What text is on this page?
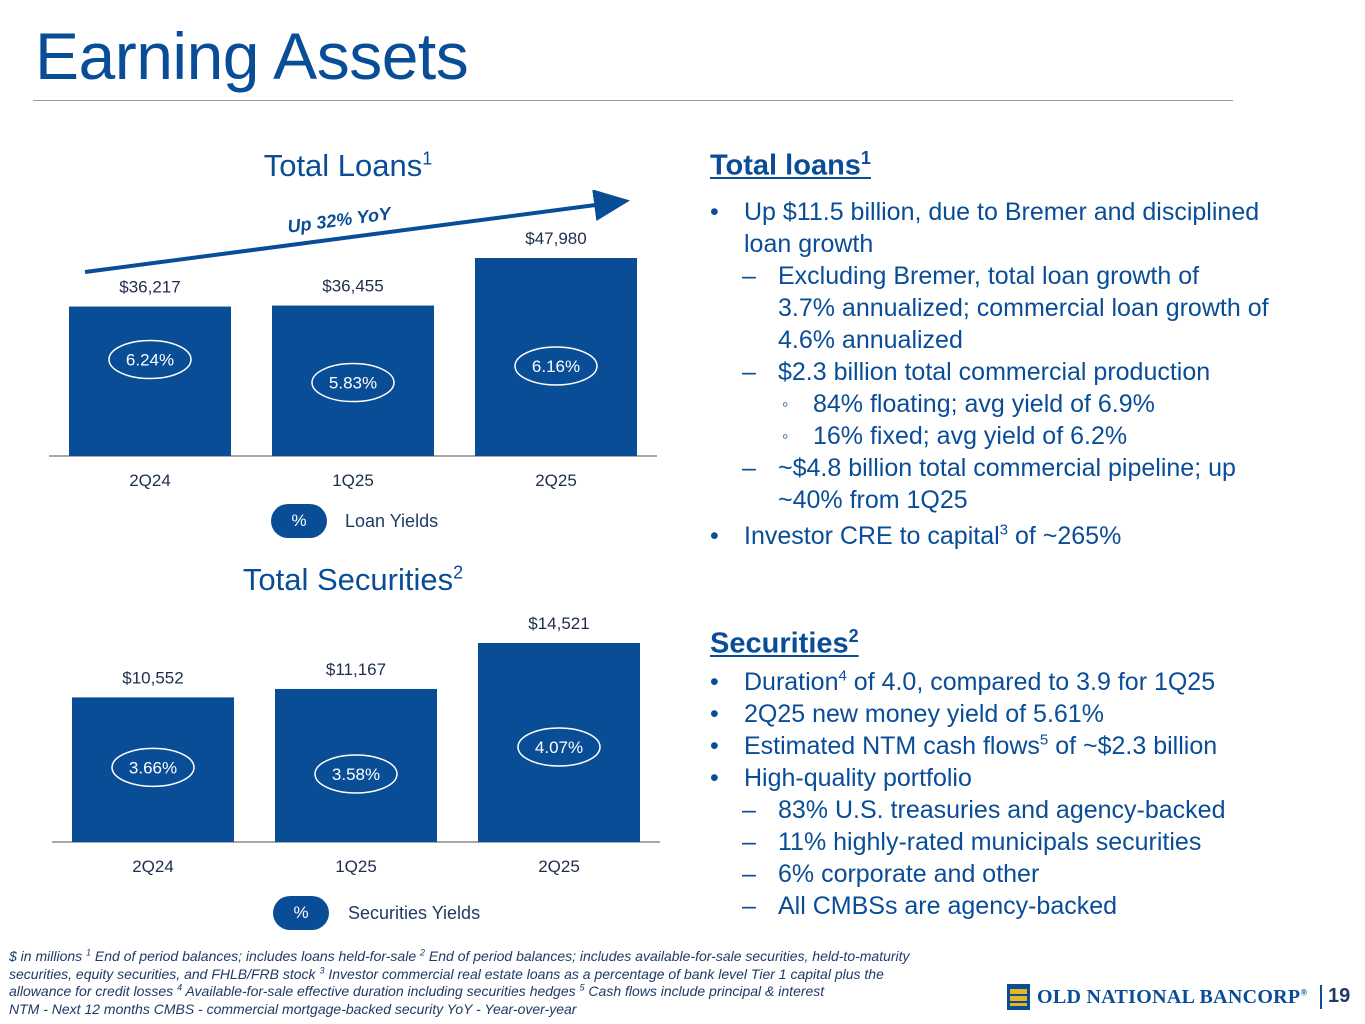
Earning Assets
Total Loans$^1$
Up 32% YoY
$36,217
2Q24
6.24%
$36,455
1Q25
5.83%
$47,980
2Q25
6.16%
%	Loan Yields
Total Securities$^2$
$10,552
2Q24
3.66%
$11,167
1Q25
3.58%
$14,521
2Q25
4.07%
%	Securities Yields
Total loans$^1$
•	Up $11.5 billion, due to Bremer and disciplined
loan growth
– Excluding Bremer, total loan growth of
3.7% annualized; commercial loan growth of
4.6% annualized
– $2.3 billion total commercial production
◦ 84% floating; avg yield of 6.9%
◦ 16% fixed; avg yield of 6.2%
– ~$4.8 billion total commercial pipeline; up
~40% from 1Q25
•	Investor CRE to capital$^3$ of ~265%
Securities$^2$
•	Duration$^4$ of 4.0, compared to 3.9 for 1Q25
•	2Q25 new money yield of 5.61%
•	Estimated NTM cash flows$^5$ of ~$2.3 billion
•	High-quality portfolio
– 83% U.S. treasuries and agency-backed
– 11% highly-rated municipals securities
– 6% corporate and other
– All CMBSs are agency-backed
$ in millions $^1$ End of period balances; includes loans held-for-sale $^2$ End of period balances; includes available-for-sale securities, held-to-maturity
securities, equity securities, and FHLB/FRB stock $^3$ Investor commercial real estate loans as a percentage of bank level Tier 1 capital plus the
allowance for credit losses $^4$ Available-for-sale effective duration including securities hedges $^5$ Cash flows include principal & interest
NTM - Next 12 months CMBS - commercial mortgage-backed security YoY - Year-over-year
OLD NATIONAL BANCORP® 19
